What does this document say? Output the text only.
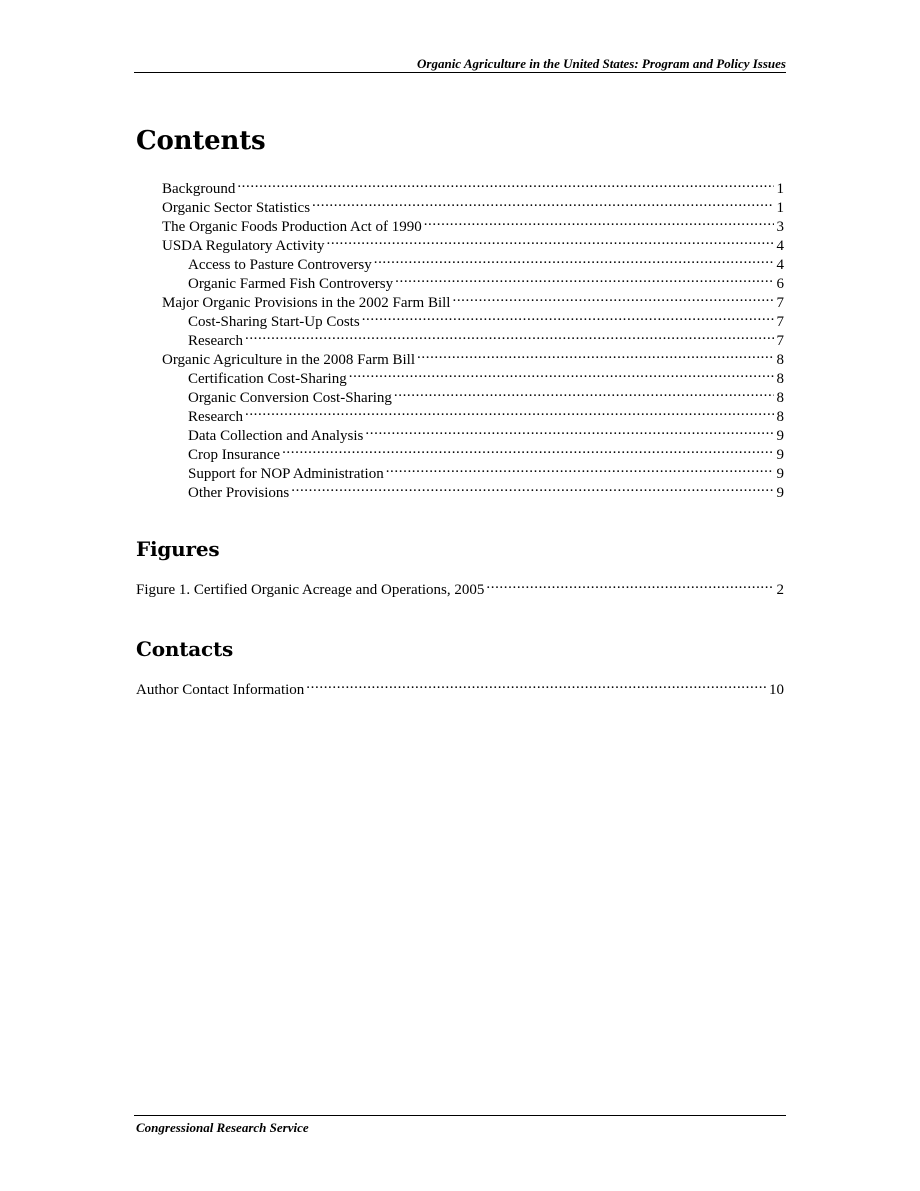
Organic Agriculture in the United States: Program and Policy Issues
Contents
Background .....	1
Organic Sector Statistics .....	1
The Organic Foods Production Act of 1990 .....	3
USDA Regulatory Activity .....	4
Access to Pasture Controversy .....	4
Organic Farmed Fish Controversy .....	6
Major Organic Provisions in the 2002 Farm Bill .....	7
Cost-Sharing Start-Up Costs .....	7
Research .....	7
Organic Agriculture in the 2008 Farm Bill .....	8
Certification Cost-Sharing .....	8
Organic Conversion Cost-Sharing .....	8
Research .....	8
Data Collection and Analysis .....	9
Crop Insurance .....	9
Support for NOP Administration .....	9
Other Provisions .....	9
Figures
Figure 1. Certified Organic Acreage and Operations, 2005 .....	2
Contacts
Author Contact Information .....	10
Congressional Research Service
